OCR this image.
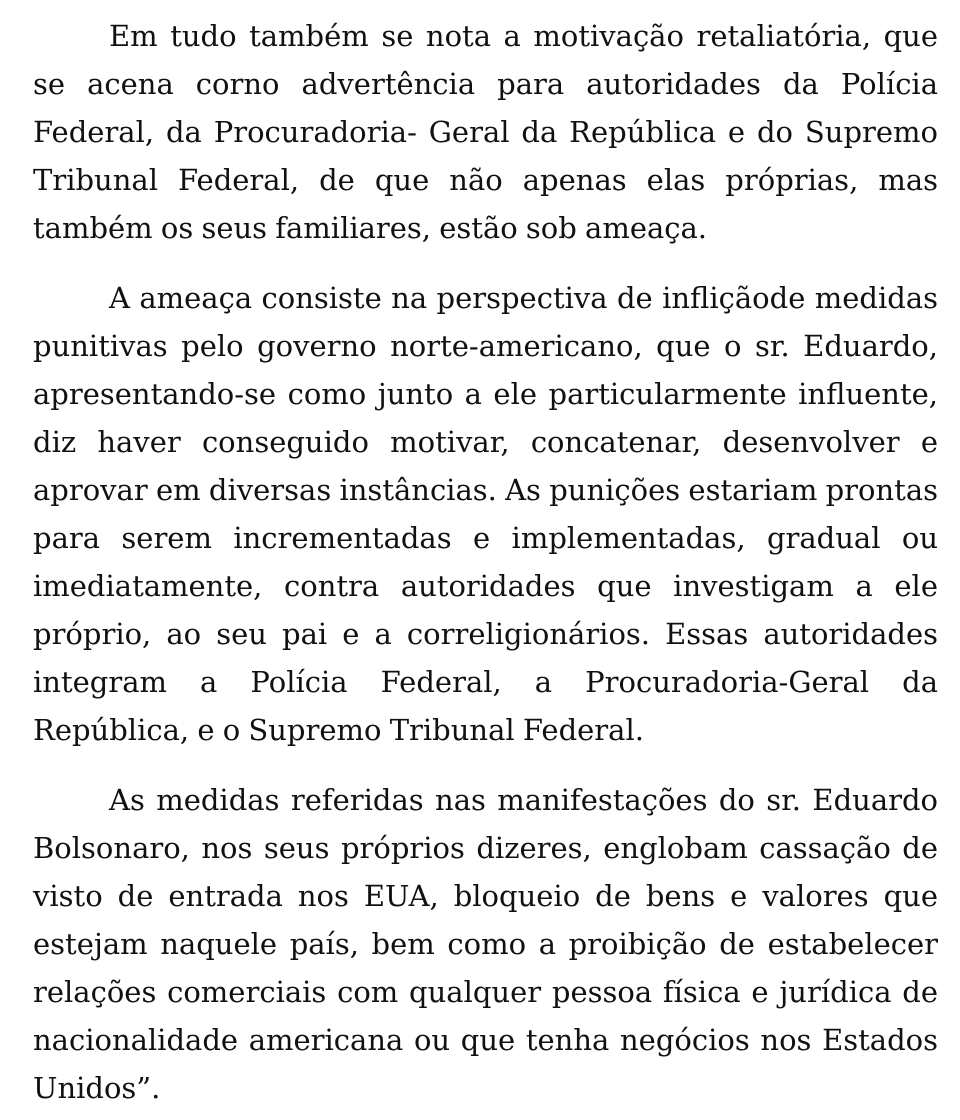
Em tudo também se nota a motivação retaliatória, que se acena corno advertência para autoridades da Polícia Federal, da Procuradoria- Geral da República e do Supremo Tribunal Federal, de que não apenas elas próprias, mas também os seus familiares, estão sob ameaça.

A ameaça consiste na perspectiva de infliçãode medidas punitivas pelo governo norte-americano, que o sr. Eduardo, apresentando-se como junto a ele particularmente influente, diz haver conseguido motivar, concatenar, desenvolver e aprovar em diversas instâncias. As punições estariam prontas para serem incrementadas e implementadas, gradual ou imediatamente, contra autoridades que investigam a ele próprio, ao seu pai e a correligionários. Essas autoridades integram a Polícia Federal, a Procuradoria-Geral da República, e o Supremo Tribunal Federal.

As medidas referidas nas manifestações do sr. Eduardo Bolsonaro, nos seus próprios dizeres, englobam cassação de visto de entrada nos EUA, bloqueio de bens e valores que estejam naquele país, bem como a proibição de estabelecer relações comerciais com qualquer pessoa física e jurídica de nacionalidade americana ou que tenha negócios nos Estados Unidos”.
